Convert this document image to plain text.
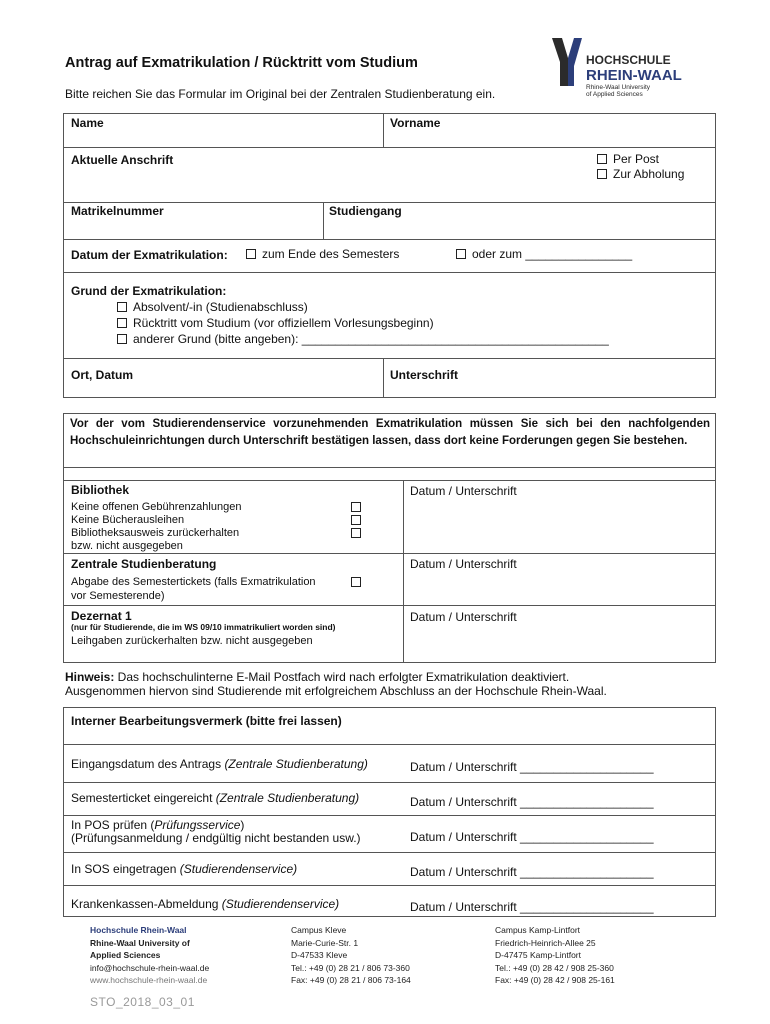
Antrag auf Exmatrikulation / Rücktritt vom Studium
Bitte reichen Sie das Formular im Original bei der Zentralen Studienberatung ein.
HOCHSCHULE
RHEIN-WAAL
Rhine-Waal University
of Applied Sciences
Name	Vorname
Aktuelle Anschrift	Per Post
Zur Abholung
Matrikelnummer	Studiengang
Datum der Exmatrikulation:	zum Ende des Semesters	oder zum ________________
Grund der Exmatrikulation:
Absolvent/-in (Studienabschluss)
Rücktritt vom Studium (vor offiziellem Vorlesungsbeginn)
anderer Grund (bitte angeben): ______________________________________________
Ort, Datum	Unterschrift
Vor der vom Studierendenservice vorzunehmenden Exmatrikulation müssen Sie sich bei den nachfolgenden Hochschuleinrichtungen durch Unterschrift bestätigen lassen, dass dort keine Forderungen gegen Sie bestehen.
Bibliothek	Datum / Unterschrift
Keine offenen Gebührenzahlungen
Keine Bücherausleihen
Bibliotheksausweis zurückerhalten
bzw. nicht ausgegeben
Zentrale Studienberatung	Datum / Unterschrift
Abgabe des Semestertickets (falls Exmatrikulation
vor Semesterende)
Dezernat 1	Datum / Unterschrift
(nur für Studierende, die im WS 09/10 immatrikuliert worden sind)
Leihgaben zurückerhalten bzw. nicht ausgegeben
Hinweis: Das hochschulinterne E-Mail Postfach wird nach erfolgter Exmatrikulation deaktiviert.
Ausgenommen hiervon sind Studierende mit erfolgreichem Abschluss an der Hochschule Rhein-Waal.
Interner Bearbeitungsvermerk (bitte frei lassen)
Eingangsdatum des Antrags (Zentrale Studienberatung)	Datum / Unterschrift ____________________
Semesterticket eingereicht (Zentrale Studienberatung)	Datum / Unterschrift ____________________
In POS prüfen (Prüfungsservice)
(Prüfungsanmeldung / endgültig nicht bestanden usw.)	Datum / Unterschrift ____________________
In SOS eingetragen (Studierendenservice)	Datum / Unterschrift ____________________
Krankenkassen-Abmeldung (Studierendenservice)	Datum / Unterschrift ____________________
Hochschule Rhein-Waal
Rhine-Waal University of
Applied Sciences
info@hochschule-rhein-waal.de
www.hochschule-rhein-waal.de
Campus Kleve
Marie-Curie-Str. 1
D-47533 Kleve
Tel.: +49 (0) 28 21 / 806 73-360
Fax: +49 (0) 28 21 / 806 73-164
Campus Kamp-Lintfort
Friedrich-Heinrich-Allee 25
D-47475 Kamp-Lintfort
Tel.: +49 (0) 28 42 / 908 25-360
Fax: +49 (0) 28 42 / 908 25-161
STO_2018_03_01
